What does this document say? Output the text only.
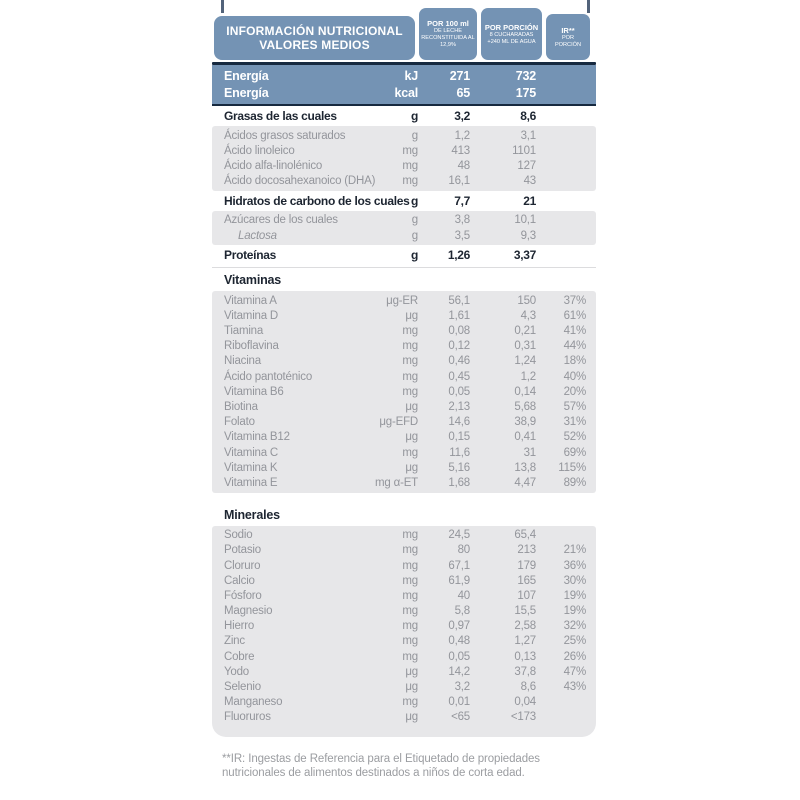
INFORMACIÓN NUTRICIONAL
VALORES MEDIOS
POR 100 ml
DE LECHE
RECONSTITUIDA AL 12,9%
POR PORCIÓN
8 CUCHARADAS
+240 ML DE AGUA
IR**
POR
PORCIÓN
Energía	kJ	271	732
Energía	kcal	65	175
Grasas de las cuales	g	3,2	8,6
Ácidos grasos saturados	g	1,2	3,1
Ácido linoleico	mg	413	1101
Ácido alfa-linolénico	mg	48	127
Ácido docosahexanoico (DHA)	mg	16,1	43
Hidratos de carbono de los cuales g	7,7	21
Azúcares de los cuales	g	3,8	10,1
Lactosa	g	3,5	9,3
Proteínas	g	1,26	3,37
Vitaminas
Vitamina A	μg-ER	56,1	150	37%
Vitamina D	μg	1,61	4,3	61%
Tiamina	mg	0,08	0,21	41%
Riboflavina	mg	0,12	0,31	44%
Niacina	mg	0,46	1,24	18%
Ácido pantoténico	mg	0,45	1,2	40%
Vitamina B6	mg	0,05	0,14	20%
Biotina	μg	2,13	5,68	57%
Folato	μg-EFD	14,6	38,9	31%
Vitamina B12	μg	0,15	0,41	52%
Vitamina C	mg	11,6	31	69%
Vitamina K	μg	5,16	13,8	115%
Vitamina E	mg α-ET	1,68	4,47	89%
Minerales
Sodio	mg	24,5	65,4
Potasio	mg	80	213	21%
Cloruro	mg	67,1	179	36%
Calcio	mg	61,9	165	30%
Fósforo	mg	40	107	19%
Magnesio	mg	5,8	15,5	19%
Hierro	mg	0,97	2,58	32%
Zinc	mg	0,48	1,27	25%
Cobre	mg	0,05	0,13	26%
Yodo	μg	14,2	37,8	47%
Selenio	μg	3,2	8,6	43%
Manganeso	mg	0,01	0,04
Fluoruros	μg	<65	<173
**IR: Ingestas de Referencia para el Etiquetado de propiedades nutricionales de alimentos destinados a niños de corta edad.
